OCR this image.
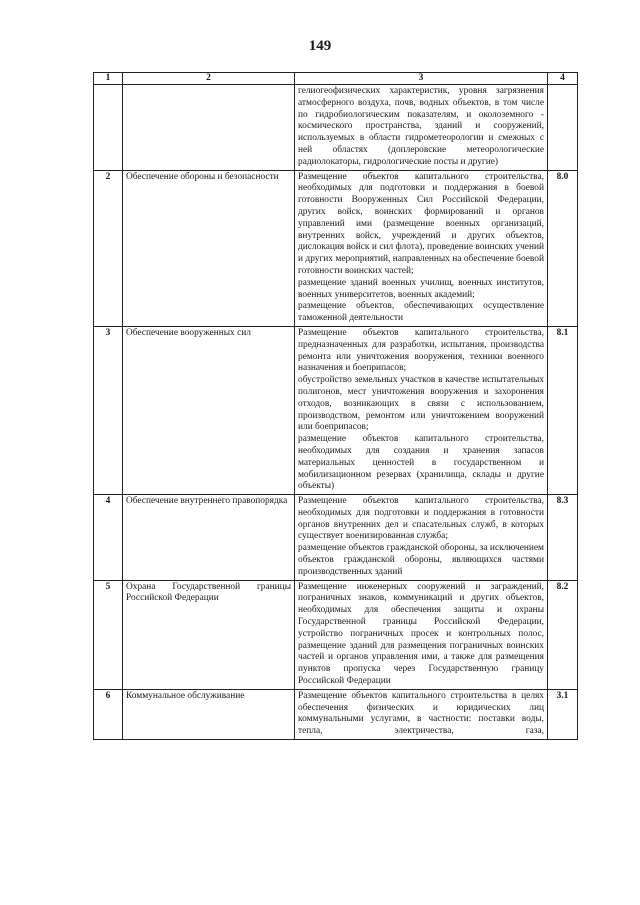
149
1	2	3	4

		гелиогеофизических характеристик, уровня загрязнения атмосферного воздуха, почв, водных объектов, в том числе по гидробиологическим показателям, и околоземного - космического пространства, зданий и сооружений, используемых в области гидрометеорологии и смежных с ней областях (доплеровские метеорологические радиолокаторы, гидрологические посты и другие)	

2	Обеспечение обороны и безопасности	Размещение объектов капитального строительства, необходимых для подготовки и поддержания в боевой готовности Вооруженных Сил Российской Федерации, других войск, воинских формирований и органов управлений ими (размещение военных организаций, внутренних войск, учреждений и других объектов, дислокация войск и сил флота), проведение воинских учений и других мероприятий, направленных на обеспечение боевой готовности воинских частей;
размещение зданий военных училищ, военных институтов, военных университетов, военных академий;
размещение объектов, обеспечивающих осуществление таможенной деятельности	8.0
3	Обеспечение вооруженных сил	Размещение объектов капитального строительства, предназначенных для разработки, испытания, производства ремонта или уничтожения вооружения, техники военного назначения и боеприпасов;
обустройство земельных участков в качестве испытательных полигонов, мест уничтожения вооружения и захоронения отходов, возникающих в связи с использованием, производством, ремонтом или уничтожением вооружений или боеприпасов;
размещение объектов капитального строительства, необходимых для создания и хранения запасов материальных ценностей в государственном и мобилизационном резервах (хранилища, склады и другие объекты)	8.1
4	Обеспечение внутреннего правопорядка	Размещение объектов капитального строительства, необходимых для подготовки и поддержания в готовности органов внутренних дел и спасательных служб, в которых существует военизированная служба;
размещение объектов гражданской обороны, за исключением объектов гражданской обороны, являющихся частями производственных зданий	8.3
5	Охрана Государственной границы Российской Федерации	Размещение инженерных сооружений и заграждений, пограничных знаков, коммуникаций и других объектов, необходимых для обеспечения защиты и охраны Государственной границы Российской Федерации, устройство пограничных просек и контрольных полос, размещение зданий для размещения пограничных воинских частей и органов управления ими, а также для размещения пунктов пропуска через Государственную границу Российской Федерации	8.2
6	Коммунальное обслуживание	Размещение объектов капитального строительства в целях обеспечения физических и юридических лиц коммунальными услугами, в частности: поставки воды, тепла, электричества, газа,	3.1
